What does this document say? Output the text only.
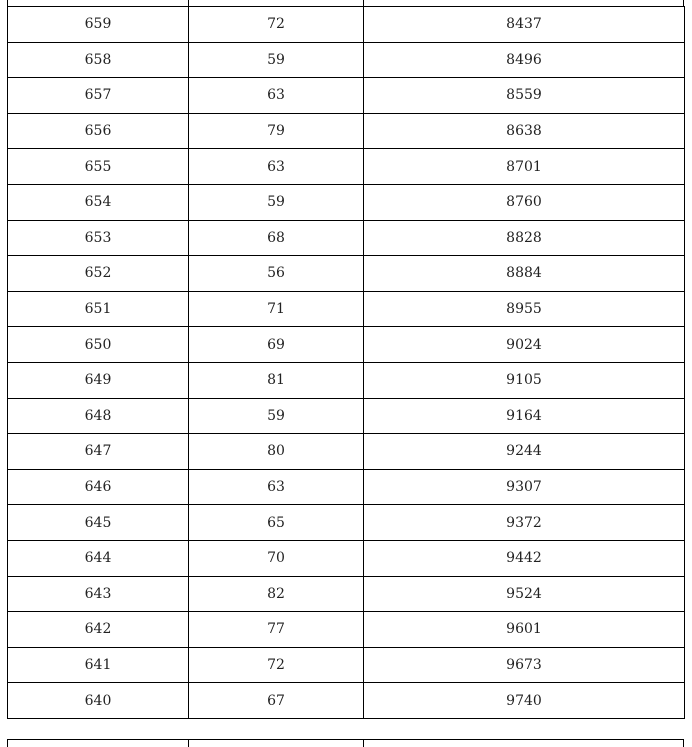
659	72	8437
658	59	8496
657	63	8559
656	79	8638
655	63	8701
654	59	8760
653	68	8828
652	56	8884
651	71	8955
650	69	9024
649	81	9105
648	59	9164
647	80	9244
646	63	9307
645	65	9372
644	70	9442
643	82	9524
642	77	9601
641	72	9673
640	67	9740
